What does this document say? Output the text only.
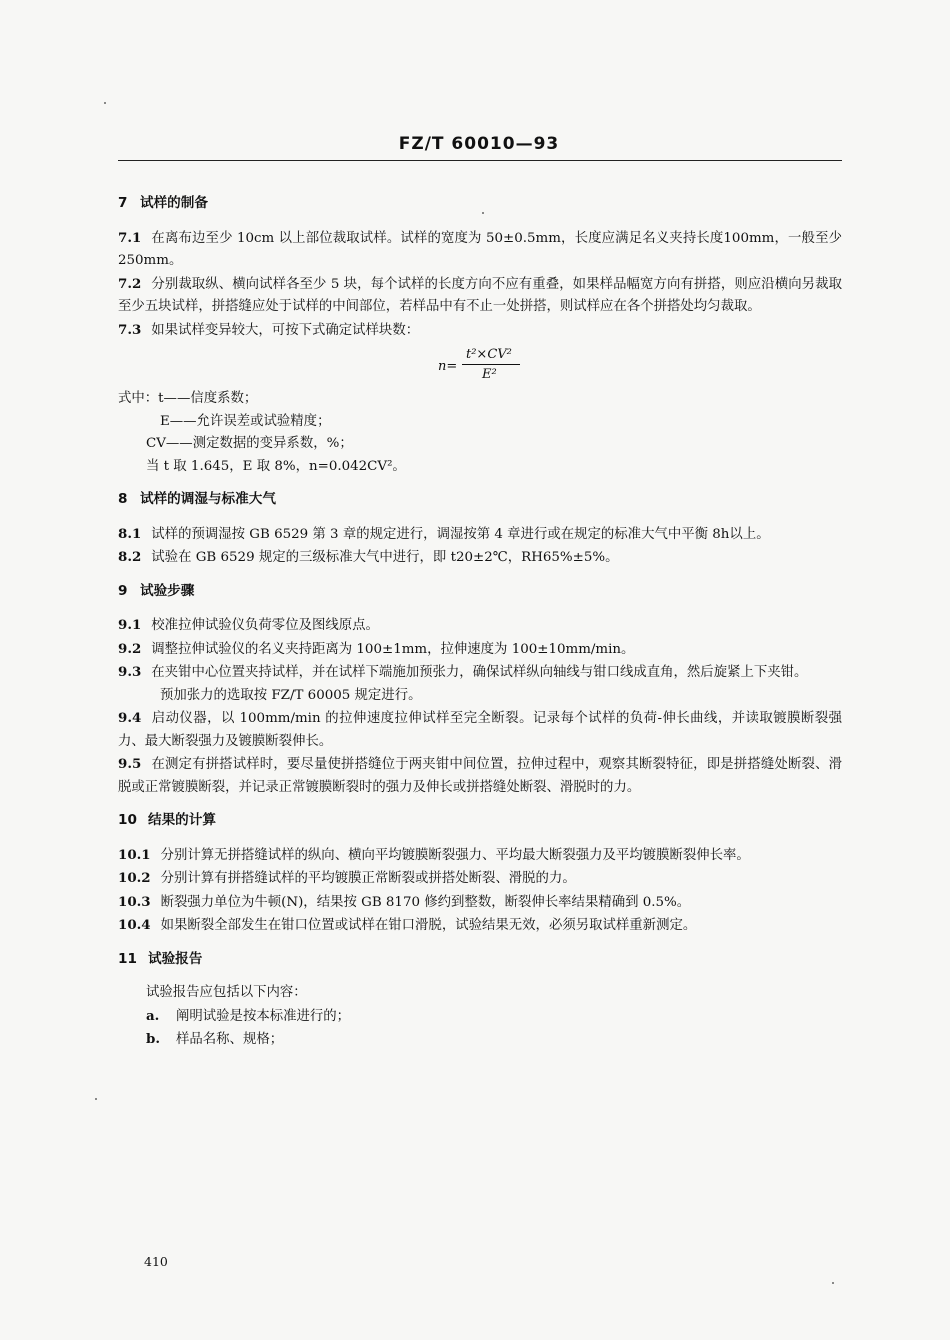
FZ/T 60010—93
7 试样的制备

7.1 在离布边至少 10cm 以上部位裁取试样。试样的宽度为 50±0.5mm，长度应满足名义夹持长度100mm，一般至少 250mm。

7.2 分别裁取纵、横向试样各至少 5 块，每个试样的长度方向不应有重叠，如果样品幅宽方向有拼搭，则应沿横向另裁取至少五块试样，拼搭缝应处于试样的中间部位，若样品中有不止一处拼搭，则试样应在各个拼搭处均匀裁取。

7.3 如果试样变异较大，可按下式确定试样块数：

n=
t²×CV²
E²

式中：t——信度系数；

E——允许误差或试验精度；

CV——测定数据的变异系数，%；

当 t 取 1.645，E 取 8%，n=0.042CV²。

8 试样的调湿与标准大气

8.1 试样的预调湿按 GB 6529 第 3 章的规定进行，调湿按第 4 章进行或在规定的标准大气中平衡 8h以上。

8.2 试验在 GB 6529 规定的三级标准大气中进行，即 t20±2℃，RH65%±5%。

9 试验步骤

9.1 校准拉伸试验仪负荷零位及图线原点。

9.2 调整拉伸试验仪的名义夹持距离为 100±1mm，拉伸速度为 100±10mm/min。

9.3 在夹钳中心位置夹持试样，并在试样下端施加预张力，确保试样纵向轴线与钳口线成直角，然后旋紧上下夹钳。

预加张力的选取按 FZ/T 60005 规定进行。

9.4 启动仪器，以 100mm/min 的拉伸速度拉伸试样至完全断裂。记录每个试样的负荷-伸长曲线，并读取镀膜断裂强力、最大断裂强力及镀膜断裂伸长。

9.5 在测定有拼搭试样时，要尽量使拼搭缝位于两夹钳中间位置，拉伸过程中，观察其断裂特征，即是拼搭缝处断裂、滑脱或正常镀膜断裂，并记录正常镀膜断裂时的强力及伸长或拼搭缝处断裂、滑脱时的力。

10 结果的计算

10.1 分别计算无拼搭缝试样的纵向、横向平均镀膜断裂强力、平均最大断裂强力及平均镀膜断裂伸长率。

10.2 分别计算有拼搭缝试样的平均镀膜正常断裂或拼搭处断裂、滑脱的力。

10.3 断裂强力单位为牛顿(N)，结果按 GB 8170 修约到整数，断裂伸长率结果精确到 0.5%。

10.4 如果断裂全部发生在钳口位置或试样在钳口滑脱，试验结果无效，必须另取试样重新测定。

11 试验报告

试验报告应包括以下内容：

a. 阐明试验是按本标准进行的；

b. 样品名称、规格；

410
